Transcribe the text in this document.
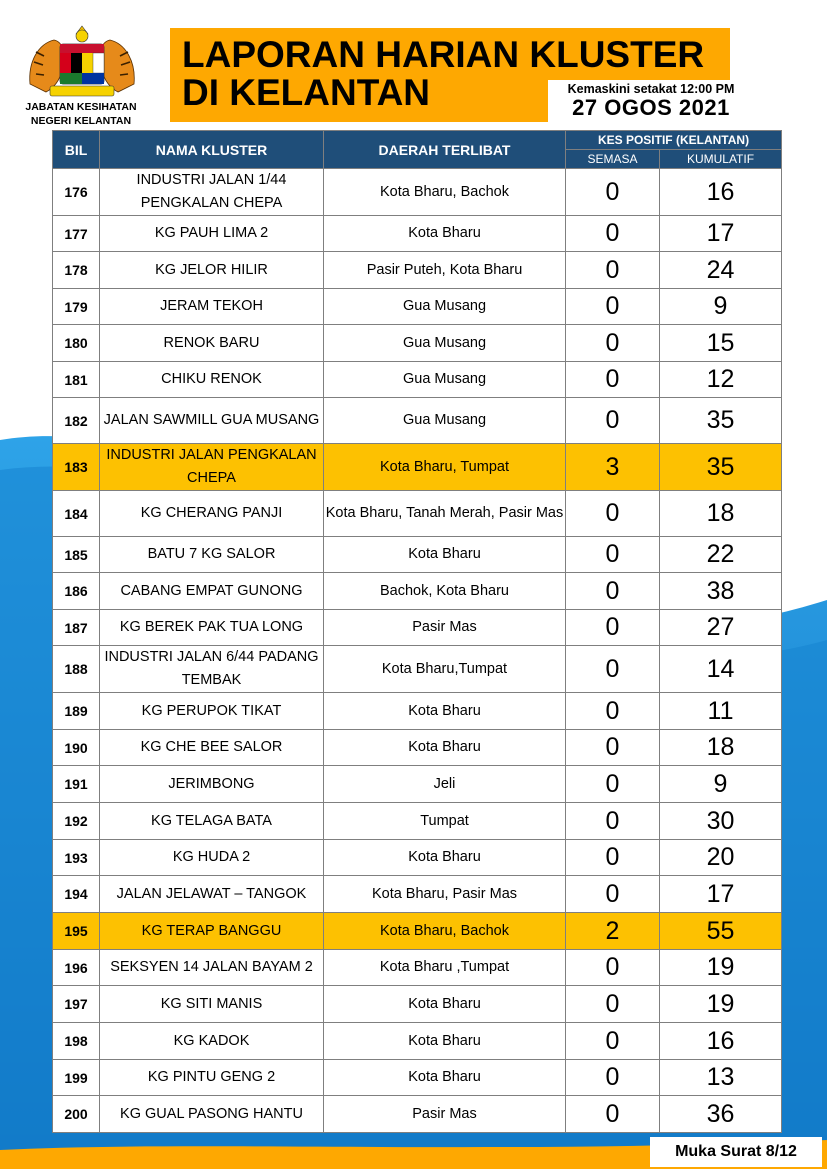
JABATAN KESIHATAN
NEGERI KELANTAN
LAPORAN HARIAN KLUSTER
DI KELANTAN	Kemaskini setakat 12:00 PM
27 OGOS 2021
BIL	NAMA KLUSTER	DAERAH TERLIBAT	KES POSITIF (KELANTAN)	
			SEMASA	KUMULATIF
176	INDUSTRI JALAN 1/44 PENGKALAN CHEPA	Kota Bharu, Bachok	0	16
177	KG PAUH LIMA 2	Kota Bharu	0	17
178	KG JELOR HILIR	Pasir Puteh, Kota Bharu	0	24
179	JERAM TEKOH	Gua Musang	0	9
180	RENOK BARU	Gua Musang	0	15
181	CHIKU RENOK	Gua Musang	0	12
182	JALAN SAWMILL GUA MUSANG	Gua Musang	0	35
183	INDUSTRI JALAN PENGKALAN CHEPA	Kota Bharu, Tumpat	3	35
184	KG CHERANG PANJI	Kota Bharu, Tanah Merah, Pasir Mas	0	18
185	BATU 7 KG SALOR	Kota Bharu	0	22
186	CABANG EMPAT GUNONG	Bachok, Kota Bharu	0	38
187	KG BEREK PAK TUA LONG	Pasir Mas	0	27
188	INDUSTRI JALAN 6/44 PADANG TEMBAK	Kota Bharu,Tumpat	0	14
189	KG PERUPOK TIKAT	Kota Bharu	0	11
190	KG CHE BEE SALOR	Kota Bharu	0	18
191	JERIMBONG	Jeli	0	9
192	KG TELAGA BATA	Tumpat	0	30
193	KG HUDA 2	Kota Bharu	0	20
194	JALAN JELAWAT – TANGOK	Kota Bharu, Pasir Mas	0	17
195	KG TERAP BANGGU	Kota Bharu, Bachok	2	55
196	SEKSYEN 14 JALAN BAYAM 2	Kota Bharu ,Tumpat	0	19
197	KG SITI MANIS	Kota Bharu	0	19
198	KG KADOK	Kota Bharu	0	16
199	KG PINTU GENG 2	Kota Bharu	0	13
200	KG GUAL PASONG HANTU	Pasir Mas	0	36
Muka Surat 8/12
